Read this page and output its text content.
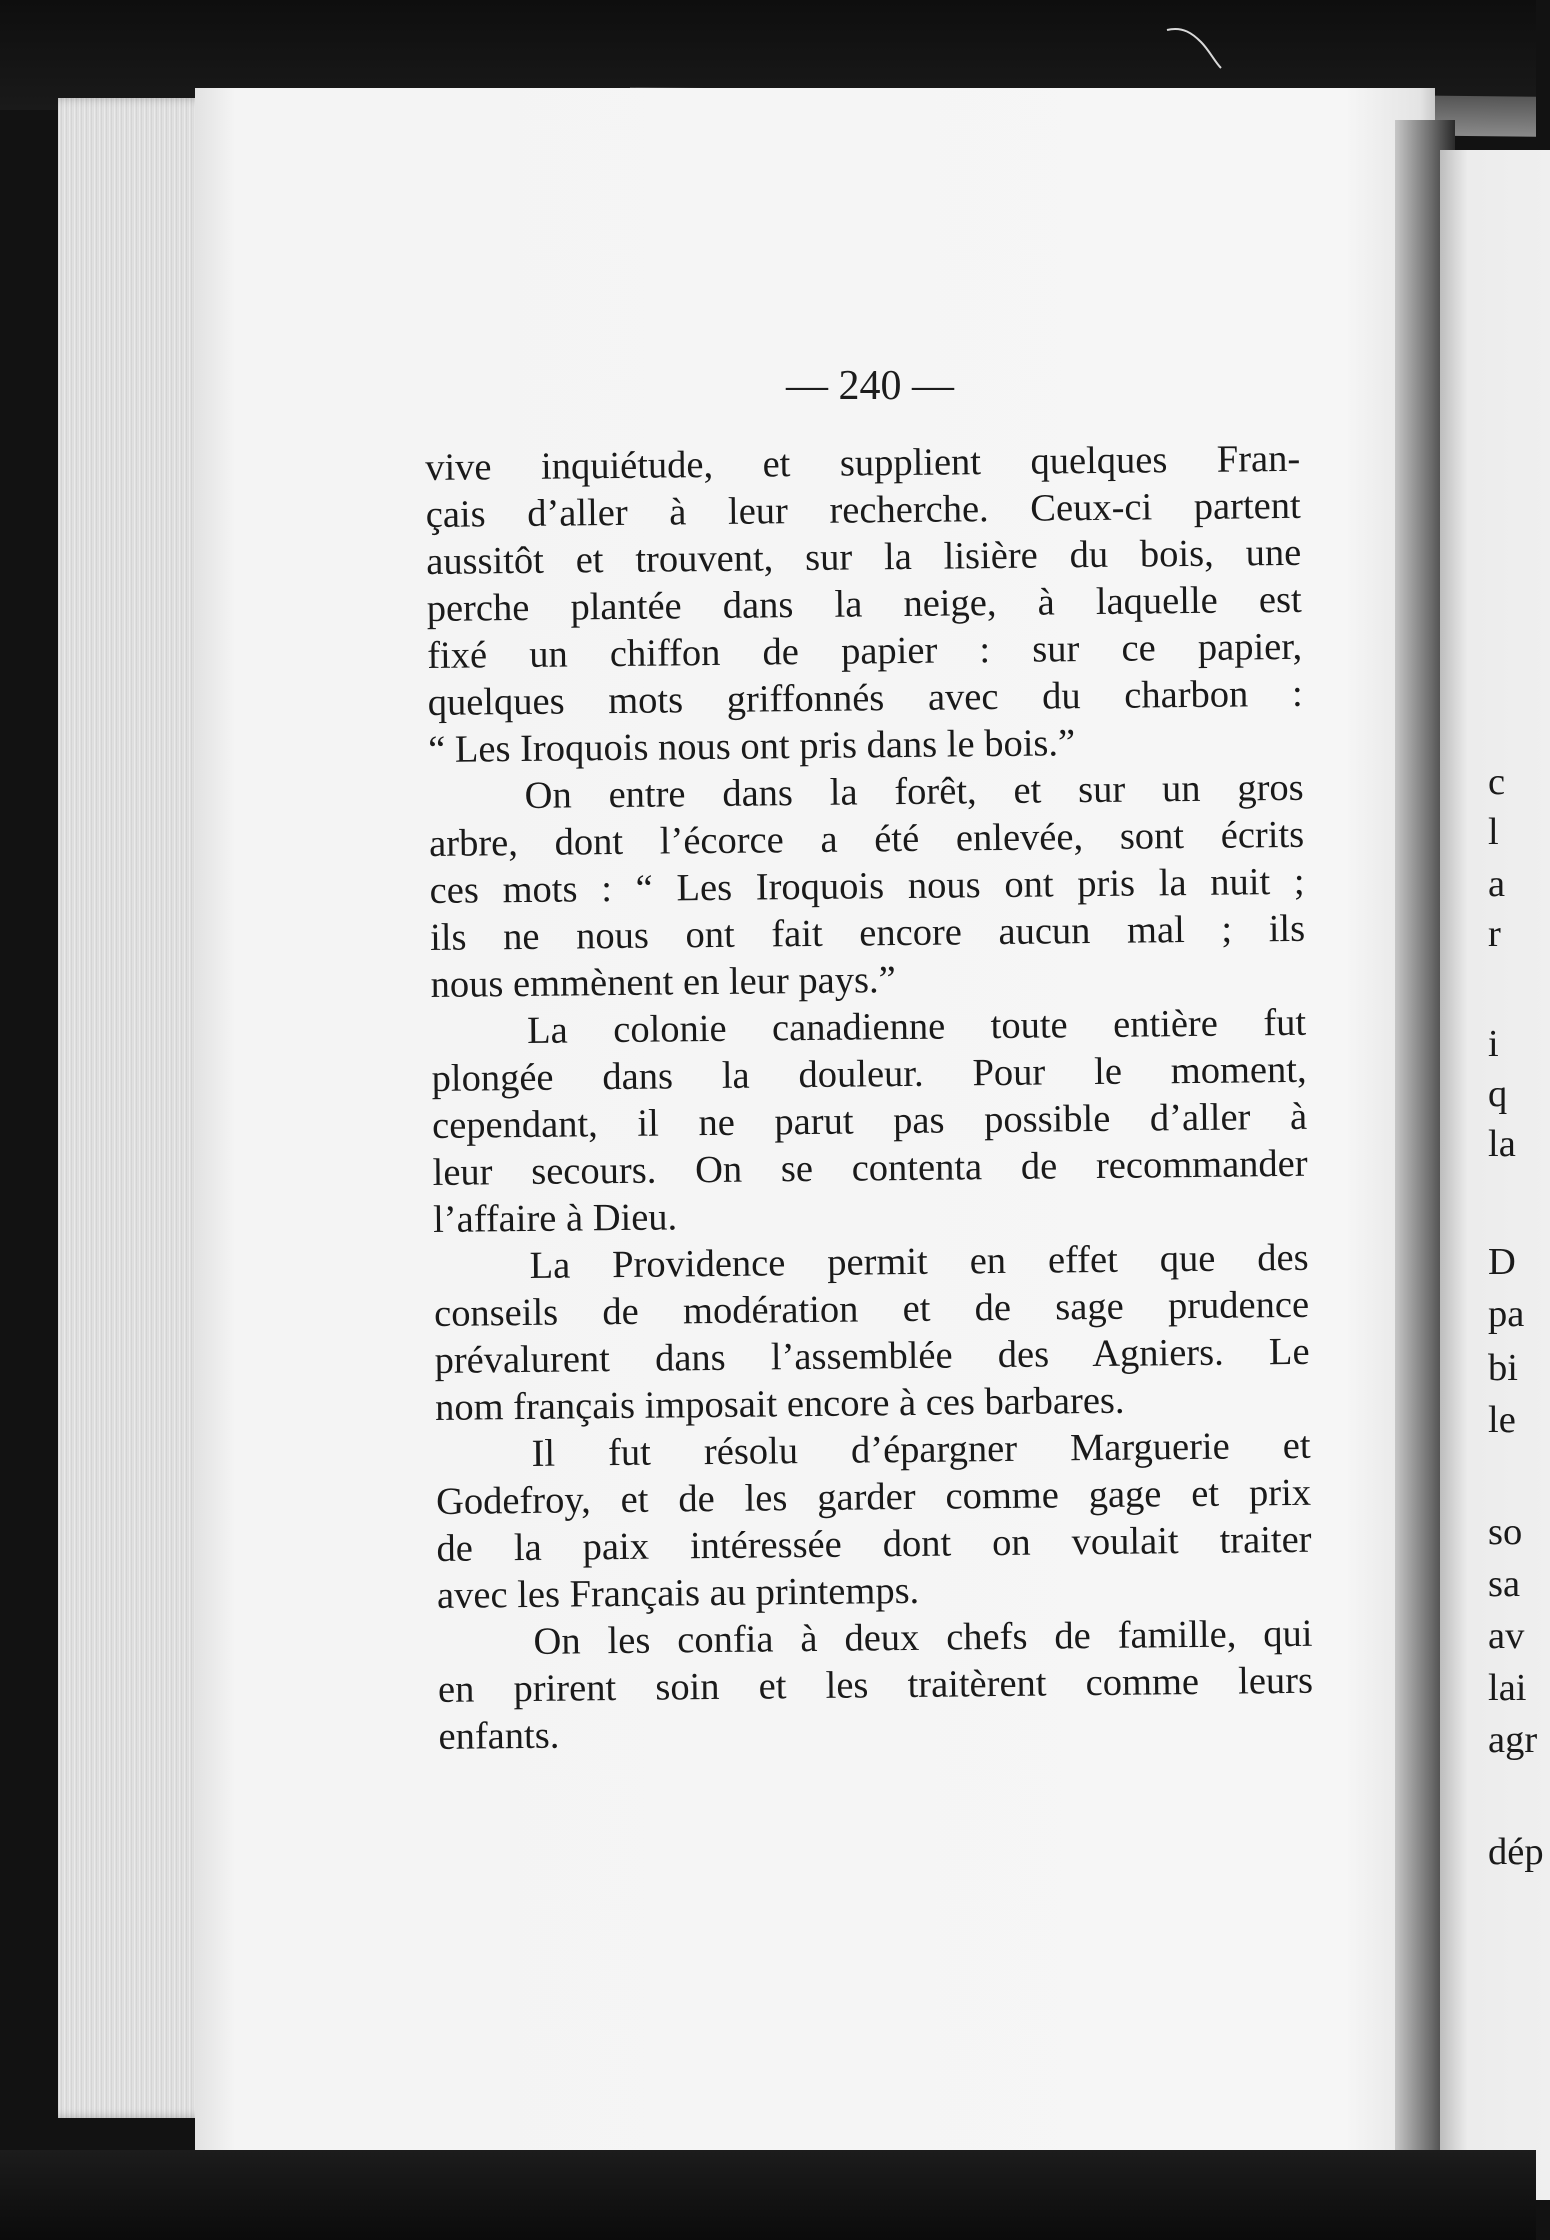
— 240 —
vive inquiétude, et supplient quelques Fran-
çais d’aller à leur recherche. Ceux-ci partent
aussitôt et trouvent, sur la lisière du bois, une
perche plantée dans la neige, à laquelle est
fixé un chiffon de papier : sur ce papier,
quelques mots griffonnés avec du charbon :
“ Les Iroquois nous ont pris dans le bois.”
On entre dans la forêt, et sur un gros
arbre, dont l’écorce a été enlevée, sont écrits
ces mots : “ Les Iroquois nous ont pris la nuit ;
ils ne nous ont fait encore aucun mal ; ils
nous emmènent en leur pays.”
La colonie canadienne toute entière fut
plongée dans la douleur. Pour le moment,
cependant, il ne parut pas possible d’aller à
leur secours. On se contenta de recommander
l’affaire à Dieu.
La Providence permit en effet que des
conseils de modération et de sage prudence
prévalurent dans l’assemblée des Agniers. Le
nom français imposait encore à ces barbares.
Il fut résolu d’épargner Marguerie et
Godefroy, et de les garder comme gage et prix
de la paix intéressée dont on voulait traiter
avec les Français au printemps.
On les confia à deux chefs de famille, qui
en prirent soin et les traitèrent comme leurs
enfants.
c
l
a
r
i
q
la
D
pa
bi
le
so
sa
av
lai
agr
dép
